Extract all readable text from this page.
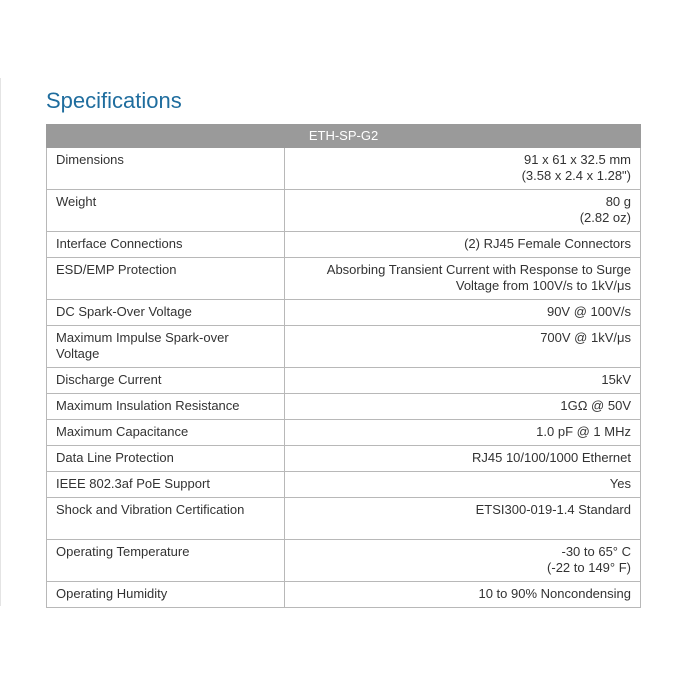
Specifications
ETH-SP-G2	
Dimensions	91 x 61 x 32.5 mm
(3.58 x 2.4 x 1.28")

Weight	80 g
(2.82 oz)

Interface Connections	(2) RJ45 Female Connectors

ESD/EMP Protection	Absorbing Transient Current with Response to Surge
Voltage from 100V/s to 1kV/μs

DC Spark-Over Voltage	90V @ 100V/s

Maximum Impulse Spark-over Voltage	700V @ 1kV/μs

Discharge Current	15kV

Maximum Insulation Resistance	1GΩ @ 50V

Maximum Capacitance	1.0 pF @ 1 MHz

Data Line Protection	RJ45 10/100/1000 Ethernet

IEEE 802.3af PoE Support	Yes

Shock and Vibration Certification	ETSI300-019-1.4 Standard

Operating Temperature	-30 to 65° C
(-22 to 149° F)

Operating Humidity	10 to 90% Noncondensing
